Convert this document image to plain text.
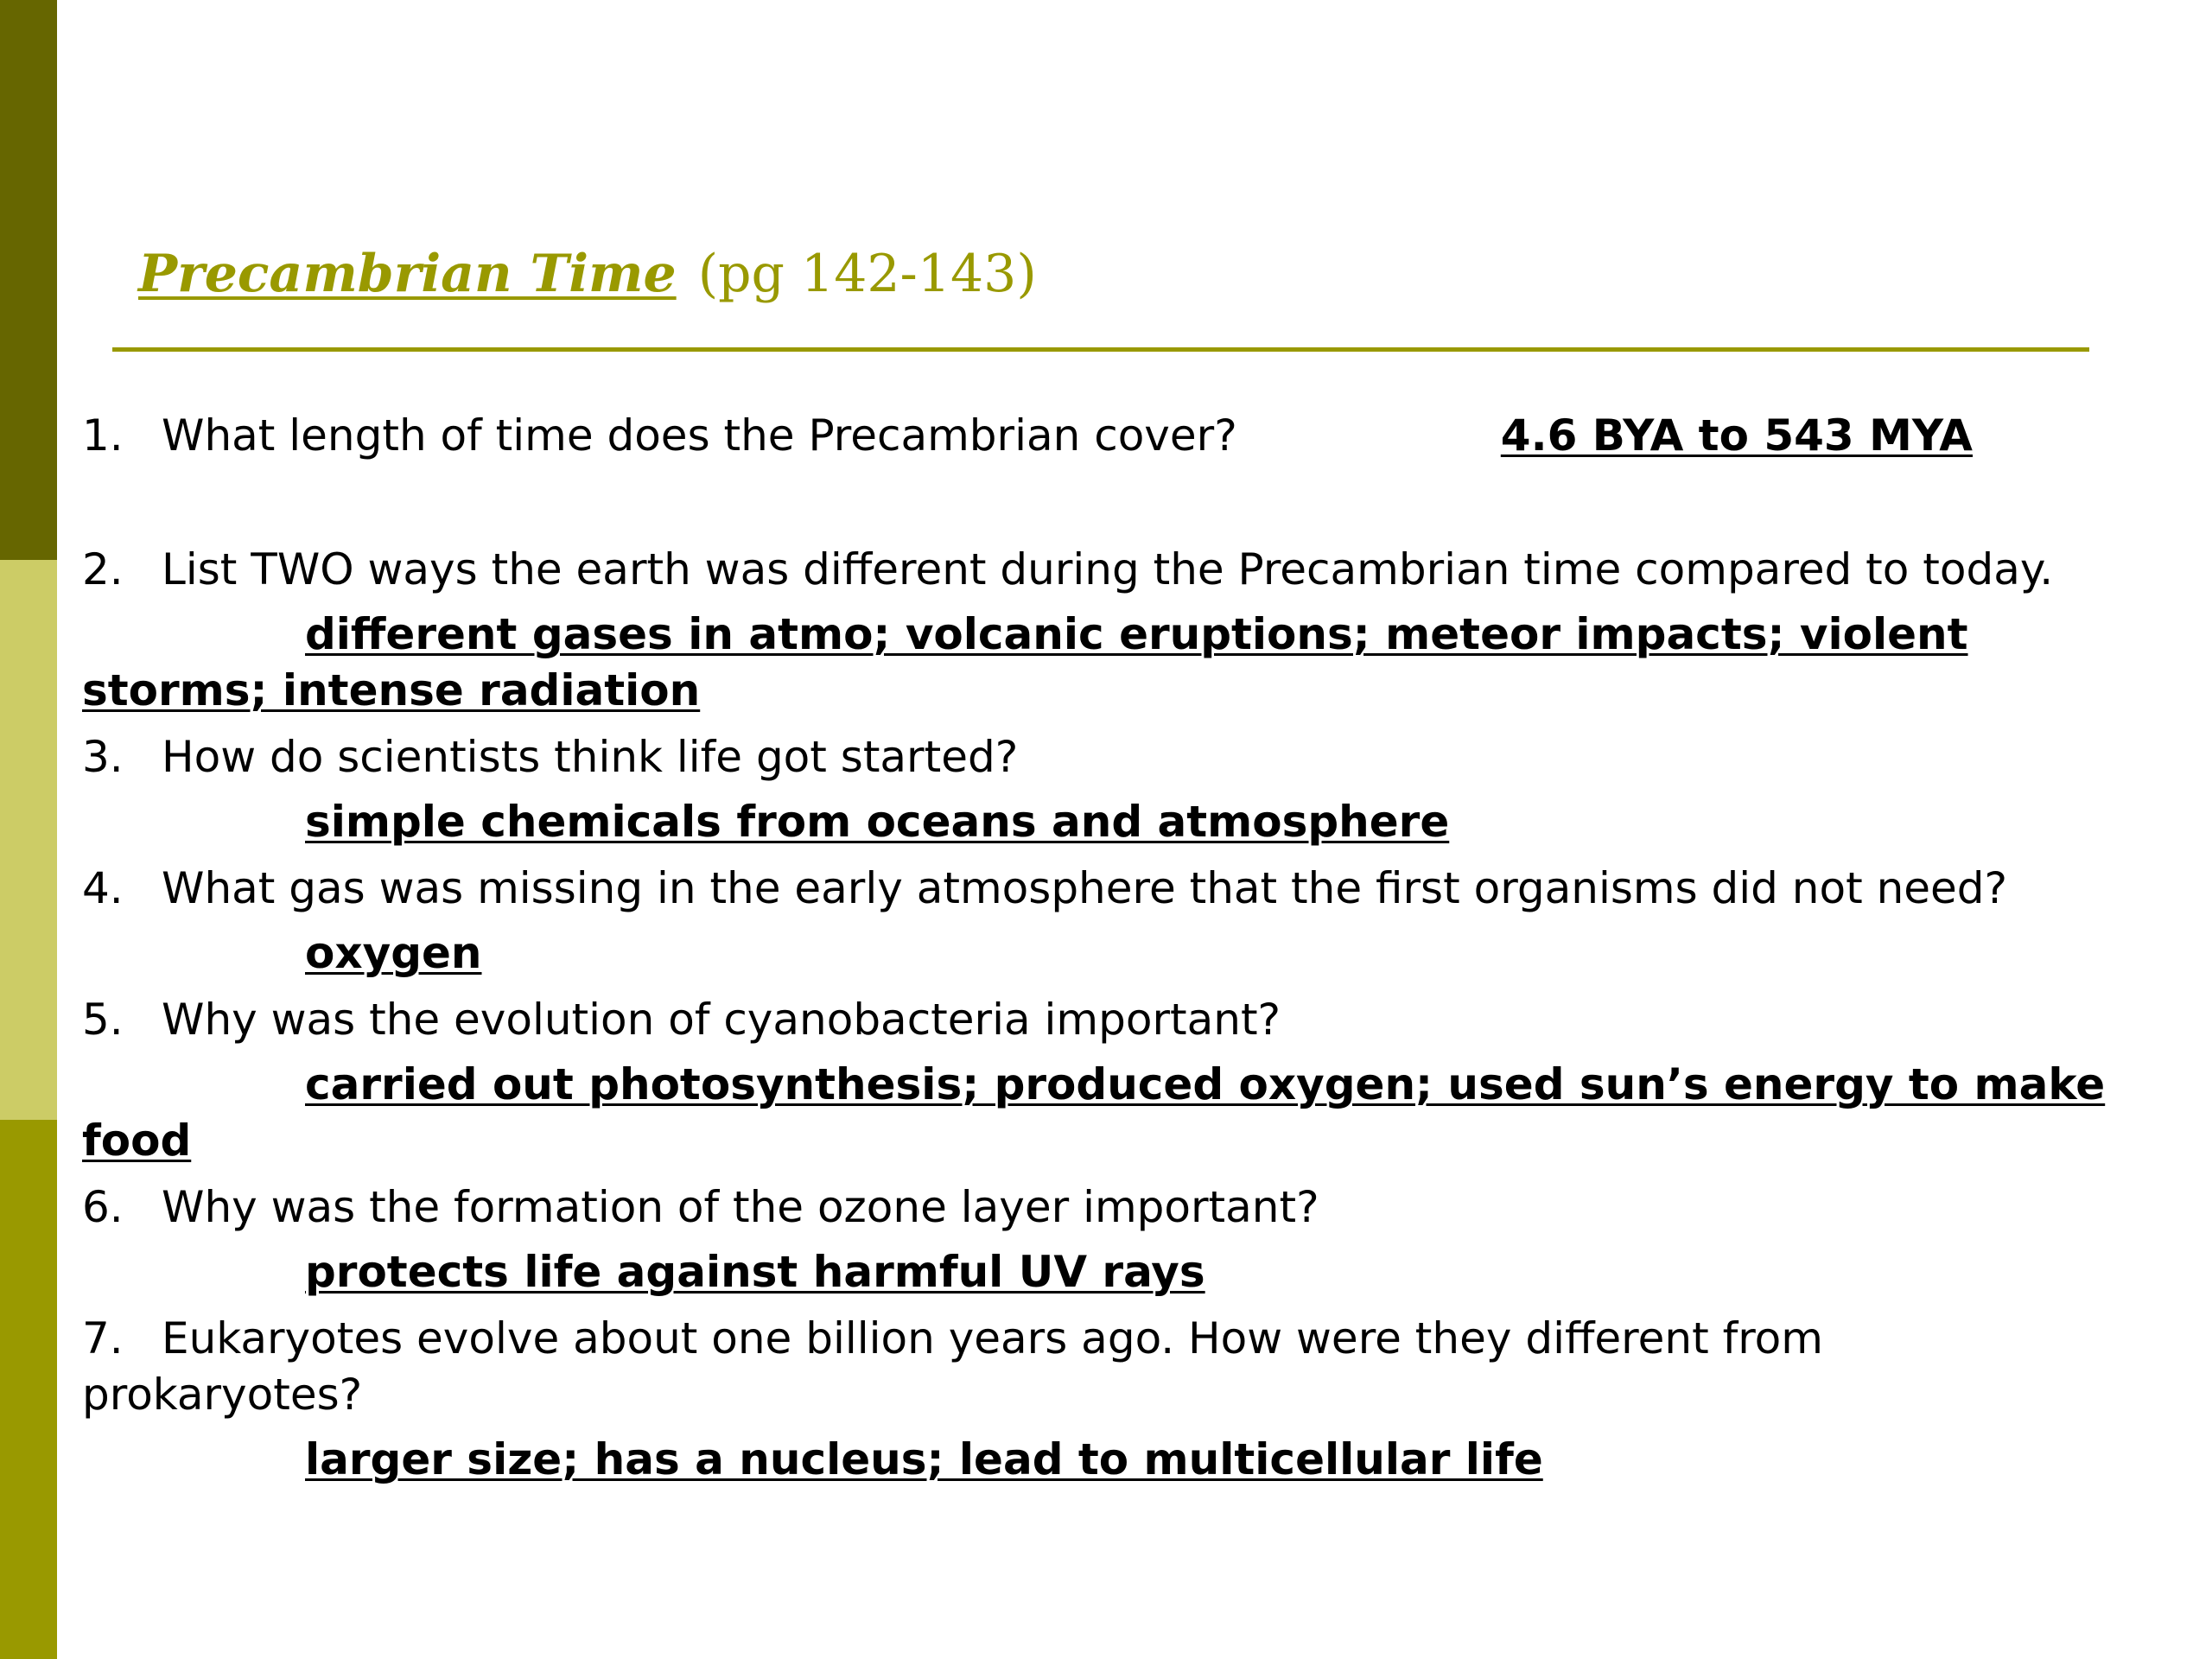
Precambrian Time (pg 142-143)
1. What length of time does the Precambrian cover?	4.6 BYA to 543 MYA
2. List TWO ways the earth was different during the Precambrian time compared to today.
different gases in atmo; volcanic eruptions; meteor impacts; violent storms; intense radiation
3. How do scientists think life got started?
simple chemicals from oceans and atmosphere
4. What gas was missing in the early atmosphere that the first organisms did not need?
oxygen
5. Why was the evolution of cyanobacteria important?
carried out photosynthesis; produced oxygen; used sun’s energy to make food
6. Why was the formation of the ozone layer important?
protects life against harmful UV rays
7. Eukaryotes evolve about one billion years ago. How were they different from prokaryotes?
larger size; has a nucleus; lead to multicellular life
